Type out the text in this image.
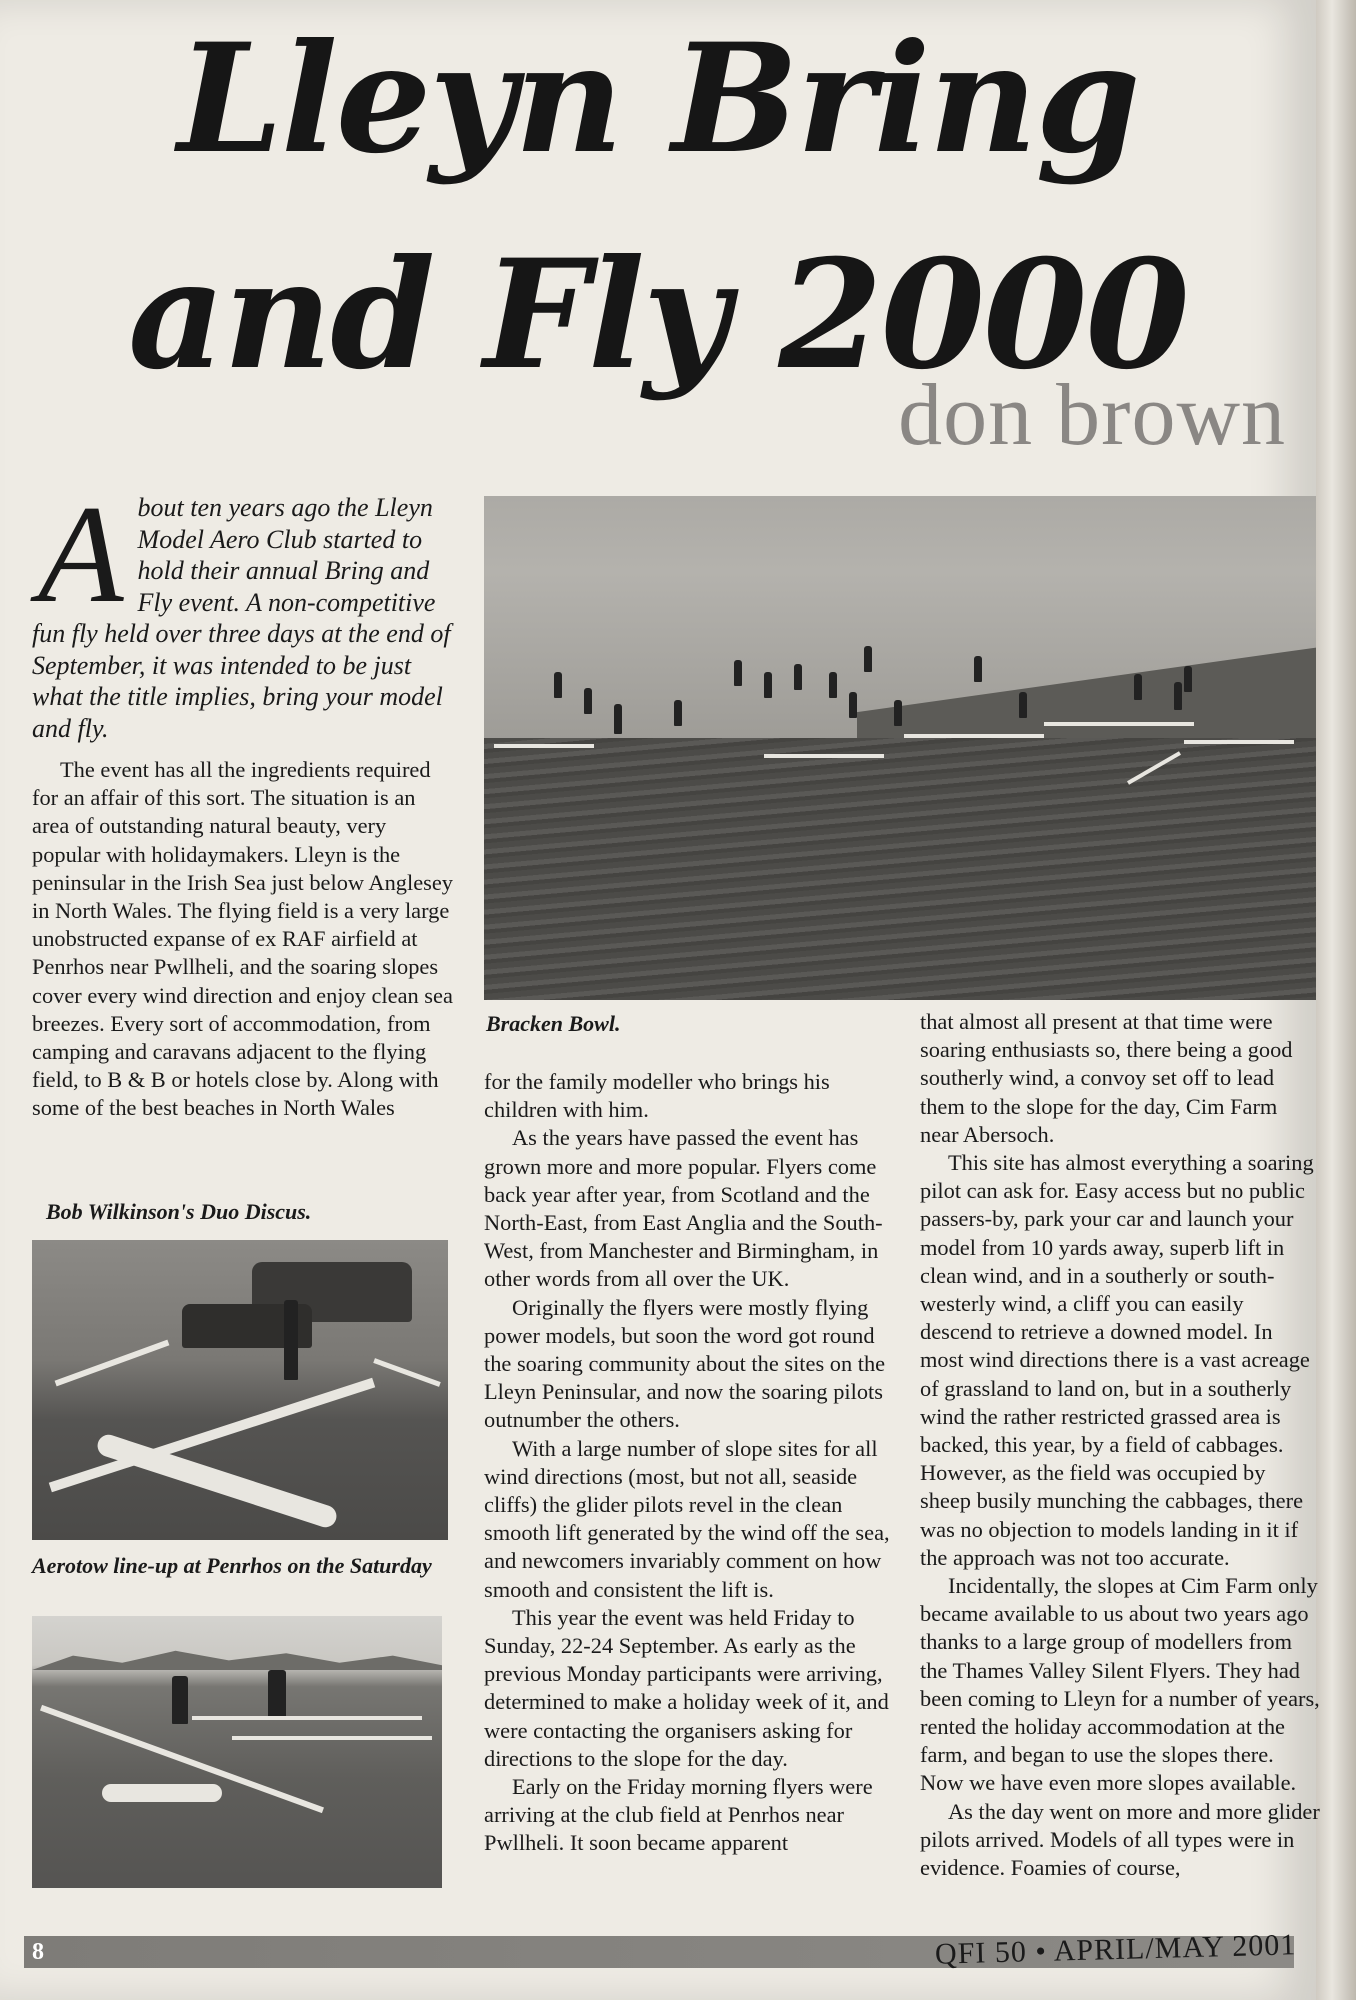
Lleyn Bring
and Fly 2000
don brown
A bout ten years ago the Lleyn Model Aero Club started to hold their annual Bring and Fly event. A non-competitive fun fly held over three days at the end of September, it was intended to be just what the title implies, bring your model and fly.

The event has all the ingredients required for an affair of this sort. The situation is an area of outstanding natural beauty, very popular with holidaymakers. Lleyn is the peninsular in the Irish Sea just below Anglesey in North Wales. The flying field is a very large unobstructed expanse of ex RAF airfield at Penrhos near Pwllheli, and the soaring slopes cover every wind direction and enjoy clean sea breezes. Every sort of accommodation, from camping and caravans adjacent to the flying field, to B & B or hotels close by. Along with some of the best beaches in North Wales

Bob Wilkinson's Duo Discus.
Aerotow line-up at Penrhos on the Saturday
Bracken Bowl.

for the family modeller who brings his children with him.

As the years have passed the event has grown more and more popular. Flyers come back year after year, from Scotland and the North-East, from East Anglia and the South-West, from Manchester and Birmingham, in other words from all over the UK.

Originally the flyers were mostly flying power models, but soon the word got round the soaring community about the sites on the Lleyn Peninsular, and now the soaring pilots outnumber the others.

With a large number of slope sites for all wind directions (most, but not all, seaside cliffs) the glider pilots revel in the clean smooth lift generated by the wind off the sea, and newcomers invariably comment on how smooth and consistent the lift is.

This year the event was held Friday to Sunday, 22-24 September. As early as the previous Monday participants were arriving, determined to make a holiday week of it, and were contacting the organisers asking for directions to the slope for the day.

Early on the Friday morning flyers were arriving at the club field at Penrhos near Pwllheli. It soon became apparent

that almost all present at that time were soaring enthusiasts so, there being a good southerly wind, a convoy set off to lead them to the slope for the day, Cim Farm near Abersoch.

This site has almost everything a soaring pilot can ask for. Easy access but no public passers-by, park your car and launch your model from 10 yards away, superb lift in clean wind, and in a southerly or south-westerly wind, a cliff you can easily descend to retrieve a downed model. In most wind directions there is a vast acreage of grassland to land on, but in a southerly wind the rather restricted grassed area is backed, this year, by a field of cabbages. However, as the field was occupied by sheep busily munching the cabbages, there was no objection to models landing in it if the approach was not too accurate.

Incidentally, the slopes at Cim Farm only became available to us about two years ago thanks to a large group of modellers from the Thames Valley Silent Flyers. They had been coming to Lleyn for a number of years, rented the holiday accommodation at the farm, and began to use the slopes there. Now we have even more slopes available.

As the day went on more and more glider pilots arrived. Models of all types were in evidence. Foamies of course,

8	QFI 50 • APRIL/MAY 2001
